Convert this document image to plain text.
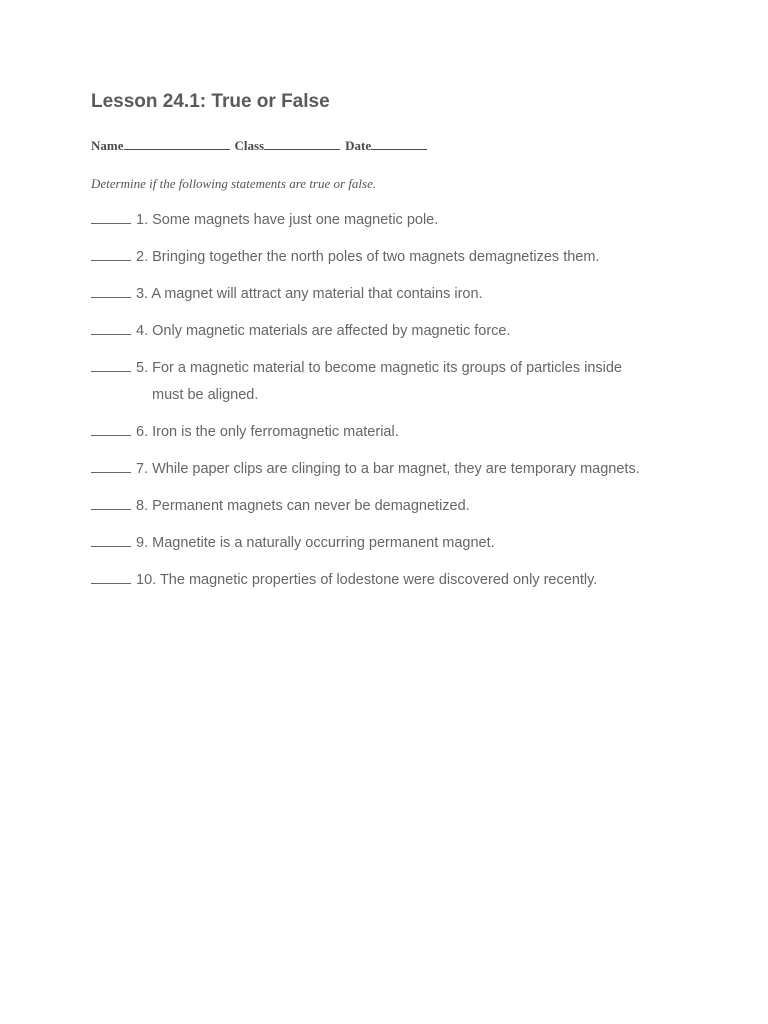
Lesson 24.1: True or False
Name	Class	Date
Determine if the following statements are true or false.
1. Some magnets have just one magnetic pole.
2. Bringing together the north poles of two magnets demagnetizes them.
3. A magnet will attract any material that contains iron.
4. Only magnetic materials are affected by magnetic force.
5. For a magnetic material to become magnetic its groups of particles inside
must be aligned.
6. Iron is the only ferromagnetic material.
7. While paper clips are clinging to a bar magnet, they are temporary magnets.
8. Permanent magnets can never be demagnetized.
9. Magnetite is a naturally occurring permanent magnet.
10. The magnetic properties of lodestone were discovered only recently.
